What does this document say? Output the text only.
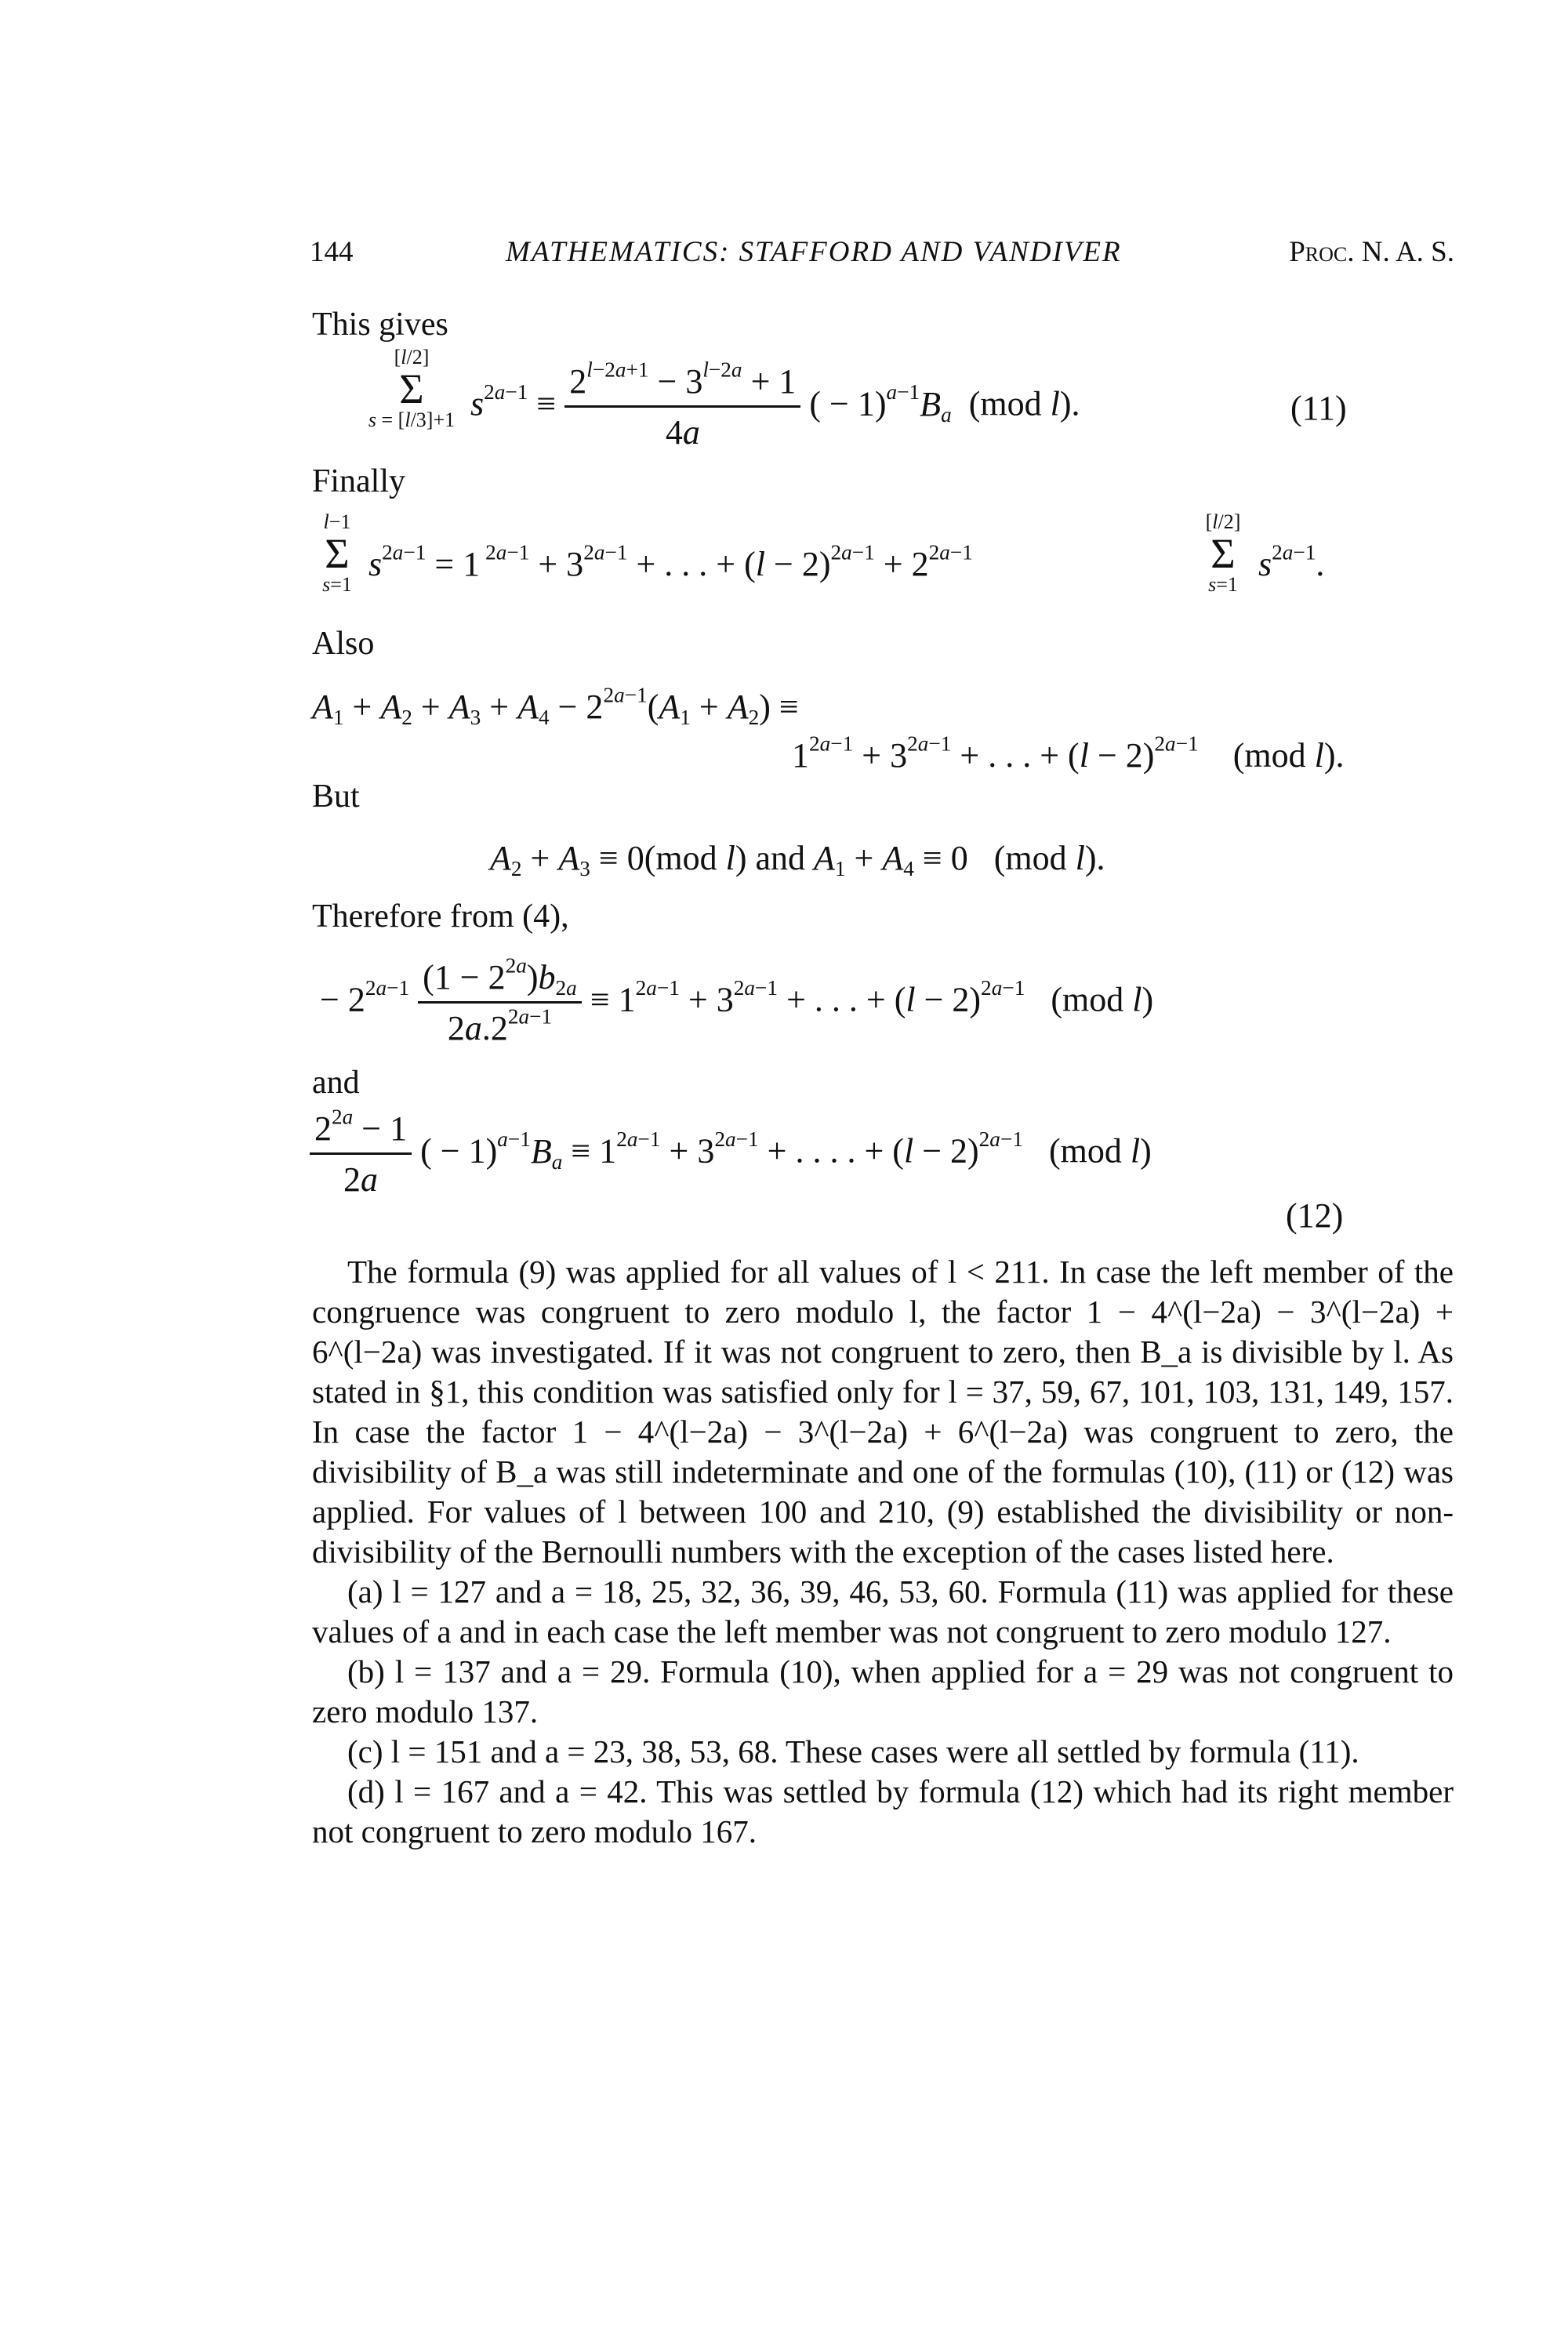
144	MATHEMATICS: STAFFORD AND VANDIVER	Proc. N. A. S.
This gives
[l/2]
Σ
s = [l/3]+1 $s^{2a-1} \equiv \frac{2^{l-2a+1} - 3^{l-2a} + 1}{4a}$ ( − $1)^{a-1}B_a$  (mod l).	(11)
Finally
l−1
Σ
s=1
$s^{2a-1} = 1$ $^{2a-1} + 3^{2a-1}$ + . . . + $(l - 2)^{2a-1} + 2^{2a-1}$
[l/2]
Σ
s=1
$s^{2a-1}$.
Also
$A_1 + A_2 + A_3 + A_4 - 2^{2a-1}(A_1 + A_2)$ ≡
$1^{2a-1} + 3^{2a-1}$ + . . . + $(l - 2)^{2a-1}$    (mod l).
But
$A_2 + A_3 \equiv 0(mod$ l) and $A_1 + A_4 \equiv 0$   (mod l).
Therefore from (4),
− $2^{2a-1} \frac{(1 - 2^{2a})b_{2a}}{2a.2^{2a-1}} \equiv 1^{2a-1} + 3^{2a-1}$ + . . . + $(l - 2)^{2a-1}$   (mod l)
and
$\frac{2^{2a} - 1}{2a}$ ( − $1)^{a-1}B_a \equiv 1^{2a-1} + 3^{2a-1}$ + . . . . + $(l - 2)^{2a-1}$   (mod l)
(12)

The formula (9) was applied for all values of l < 211. In case the left member of the congruence was congruent to zero modulo l, the factor 1 − 4^(l−2a) − 3^(l−2a) + 6^(l−2a) was investigated. If it was not congruent to zero, then B_a is divisible by l. As stated in §1, this condition was satisfied only for l = 37, 59, 67, 101, 103, 131, 149, 157. In case the factor 1 − 4^(l−2a) − 3^(l−2a) + 6^(l−2a) was congruent to zero, the divisibility of B_a was still indeterminate and one of the formulas (10), (11) or (12) was applied. For values of l between 100 and 210, (9) established the divisibility or non-divisibility of the Bernoulli numbers with the exception of the cases listed here.

(a) l = 127 and a = 18, 25, 32, 36, 39, 46, 53, 60. Formula (11) was applied for these values of a and in each case the left member was not congruent to zero modulo 127.

(b) l = 137 and a = 29. Formula (10), when applied for a = 29 was not congruent to zero modulo 137.

(c) l = 151 and a = 23, 38, 53, 68. These cases were all settled by formula (11).

(d) l = 167 and a = 42. This was settled by formula (12) which had its right member not congruent to zero modulo 167.
